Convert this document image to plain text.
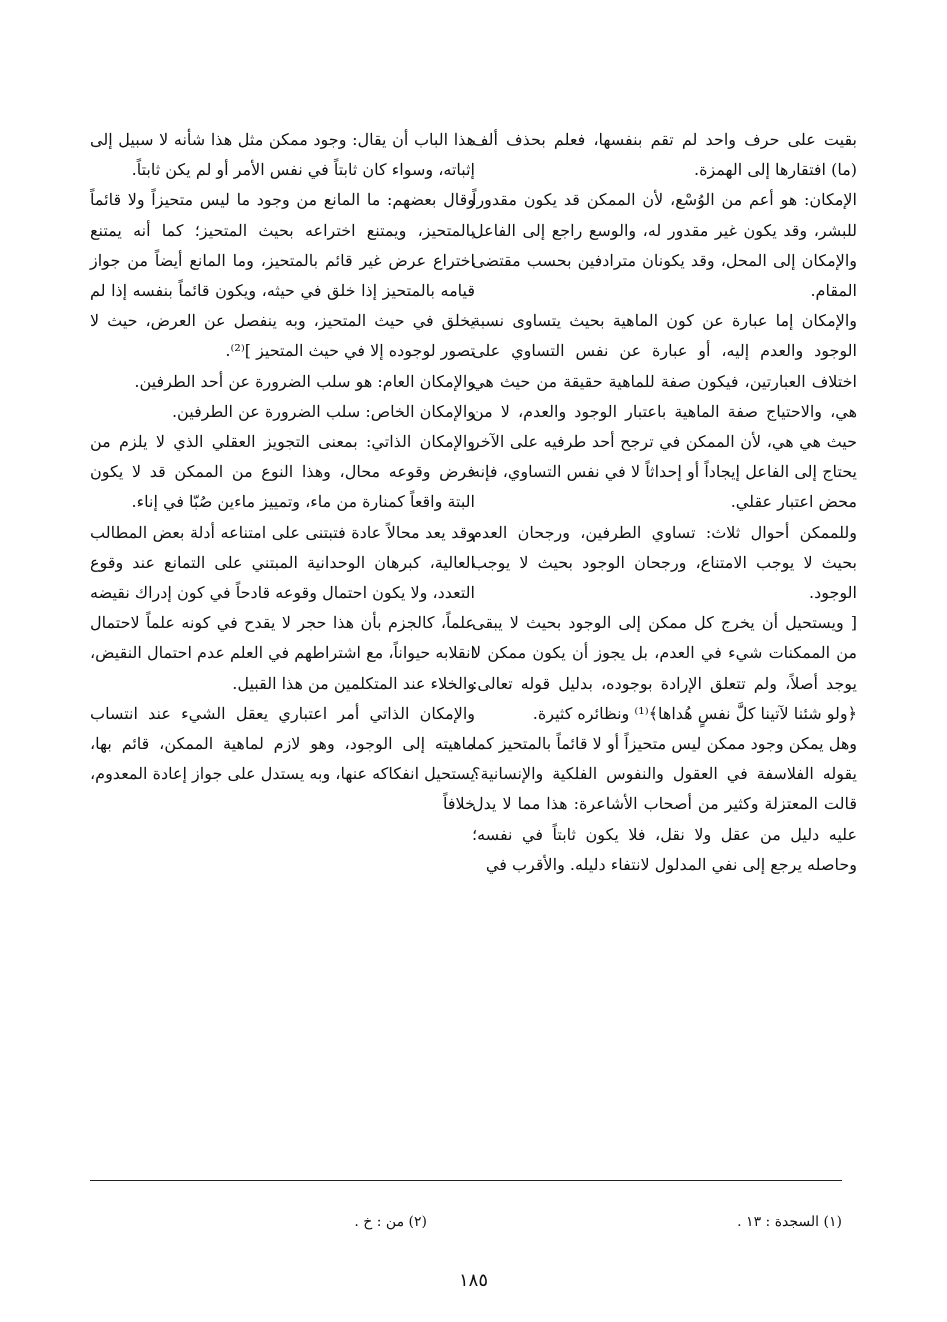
بقيت على حرف واحد لم تقم بنفسها، فعلم بحذف ألف (ما) افتقارها إلى الهمزة.

الإمكان: هو أعم من الوُسْع، لأن الممكن قد يكون مقدوراً للبشر، وقد يكون غير مقدور له، والوسع راجع إلى الفاعل والإمكان إلى المحل، وقد يكونان مترادفين بحسب مقتضى المقام.

والإمكان إما عبارة عن كون الماهية بحيث يتساوى نسبة الوجود والعدم إليه، أو عبارة عن نفس التساوي على اختلاف العبارتين، فيكون صفة للماهية حقيقة من حيث هي هي، والاحتياج صفة الماهية باعتبار الوجود والعدم، لا من حيث هي هي، لأن الممكن في ترجح أحد طرفيه على الآخر يحتاج إلى الفاعل إيجاداً أو إحداثاً لا في نفس التساوي، فإنه محض اعتبار عقلي.

وللممكن أحوال ثلاث: تساوي الطرفين، ورجحان العدم بحيث لا يوجب الامتناع، ورجحان الوجود بحيث لا يوجب الوجود.

[ ويستحيل أن يخرج كل ممكن إلى الوجود بحيث لا يبقى من الممكنات شيء في العدم، بل يجوز أن يكون ممكن لا يوجد أصلاً، ولم تتعلق الإرادة بوجوده، بدليل قوله تعالى: ﴿ولو شئنا لآتينا كلَّ نفسٍ هُداها﴾⁽¹⁾ ونظائره كثيرة.

وهل يمكن وجود ممكن ليس متحيزاً أو لا قائماً بالمتحيز كما يقوله الفلاسفة في العقول والنفوس الفلكية والإنسانية؟ قالت المعتزلة وكثير من أصحاب الأشاعرة: هذا مما لا يدل عليه دليل من عقل ولا نقل، فلا يكون ثابتاً في نفسه؛ وحاصله يرجع إلى نفي المدلول لانتفاء دليله. والأقرب في

هذا الباب أن يقال: وجود ممكن مثل هذا شأنه لا سبيل إلى إثباته، وسواء كان ثابتاً في نفس الأمر أو لم يكن ثابتاً.

وقال بعضهم: ما المانع من وجود ما ليس متحيزاً ولا قائماً بالمتحيز، ويمتنع اختراعه بحيث المتحيز؛ كما أنه يمتنع اختراع عرض غير قائم بالمتحيز، وما المانع أيضاً من جواز قيامه بالمتحيز إذا خلق في حيثه، ويكون قائماً بنفسه إذا لم يخلق في حيث المتحيز، وبه ينفصل عن العرض، حيث لا تصور لوجوده إلا في حيث المتحيز ]⁽²⁾.

والإمكان العام: هو سلب الضرورة عن أحد الطرفين.

والإمكان الخاص: سلب الضرورة عن الطرفين.

والإمكان الذاتي: بمعنى التجويز العقلي الذي لا يلزم من فرض وقوعه محال، وهذا النوع من الممكن قد لا يكون البتة واقعاً كمنارة من ماء، وتمييز ماءين صُبّا في إناء.

وقد يعد محالاً عادة فتبتنى على امتناعه أدلة بعض المطالب العالية، كبرهان الوحدانية المبتني على التمانع عند وقوع التعدد، ولا يكون احتمال وقوعه قادحاً في كون إدراك نقيضه علماً، كالجزم بأن هذا حجر لا يقدح في كونه علماً لاحتمال انقلابه حيواناً، مع اشتراطهم في العلم عدم احتمال النقيض، والخلاء عند المتكلمين من هذا القبيل.

والإمكان الذاتي أمر اعتباري يعقل الشيء عند انتساب ماهيته إلى الوجود، وهو لازم لماهية الممكن، قائم بها، يستحيل انفكاكه عنها، وبه يستدل على جواز إعادة المعدوم، خلافاً

(١) السجدة : ١٣ .
(٢) من : خ .
١٨٥
